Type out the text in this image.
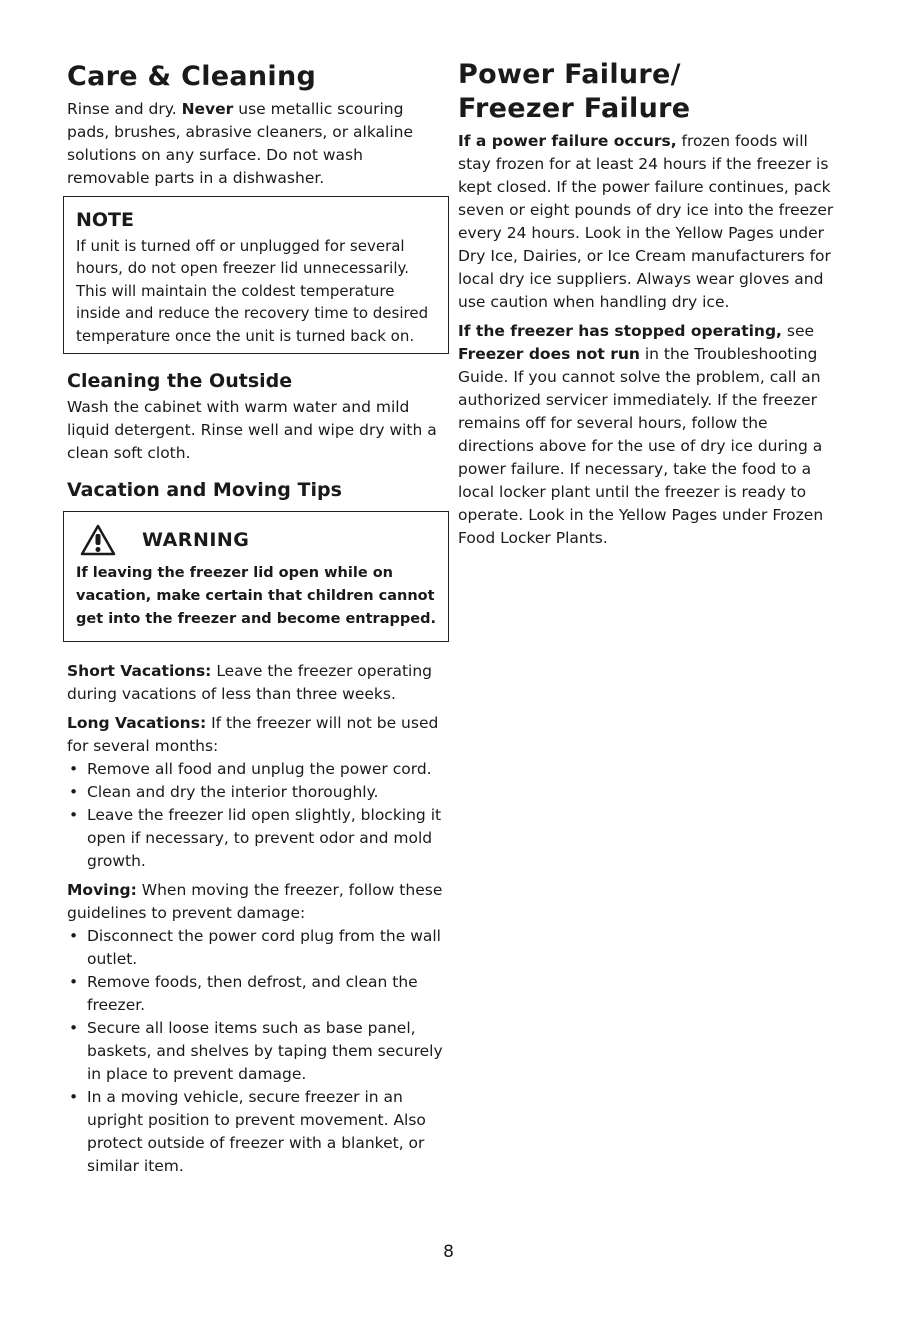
Care & Cleaning

Rinse and dry. Never use metallic scouring pads, brushes, abrasive cleaners, or alkaline solutions on any surface. Do not wash removable parts in a dishwasher.

NOTE

If unit is turned off or unplugged for several hours, do not open freezer lid unnecessarily. This will maintain the coldest temperature inside and reduce the recovery time to desired temperature once the unit is turned back on.

Cleaning the Outside

Wash the cabinet with warm water and mild liquid detergent. Rinse well and wipe dry with a clean soft cloth.

Vacation and Moving Tips
WARNING

If leaving the freezer lid open while on vacation, make certain that children cannot get into the freezer and become entrapped.

Short Vacations: Leave the freezer operating during vacations of less than three weeks.

Long Vacations: If the freezer will not be used for several months:

• Remove all food and unplug the power cord.
• Clean and dry the interior thoroughly.
• Leave the freezer lid open slightly, blocking it open if necessary, to prevent odor and mold growth.

Moving: When moving the freezer, follow these guidelines to prevent damage:

• Disconnect the power cord plug from the wall outlet.
• Remove foods, then defrost, and clean the freezer.
• Secure all loose items such as base panel, baskets, and shelves by taping them securely in place to prevent damage.
• In a moving vehicle, secure freezer in an upright position to prevent movement. Also protect outside of freezer with a blanket, or similar item.
Power Failure/ Freezer Failure

If a power failure occurs, frozen foods will stay frozen for at least 24 hours if the freezer is kept closed. If the power failure continues, pack seven or eight pounds of dry ice into the freezer every 24 hours. Look in the Yellow Pages under Dry Ice, Dairies, or Ice Cream manufacturers for local dry ice suppliers. Always wear gloves and use caution when handling dry ice.

If the freezer has stopped operating, see Freezer does not run in the Troubleshooting Guide. If you cannot solve the problem, call an authorized servicer immediately. If the freezer remains off for several hours, follow the directions above for the use of dry ice during a power failure. If necessary, take the food to a local locker plant until the freezer is ready to operate. Look in the Yellow Pages under Frozen Food Locker Plants.

8
